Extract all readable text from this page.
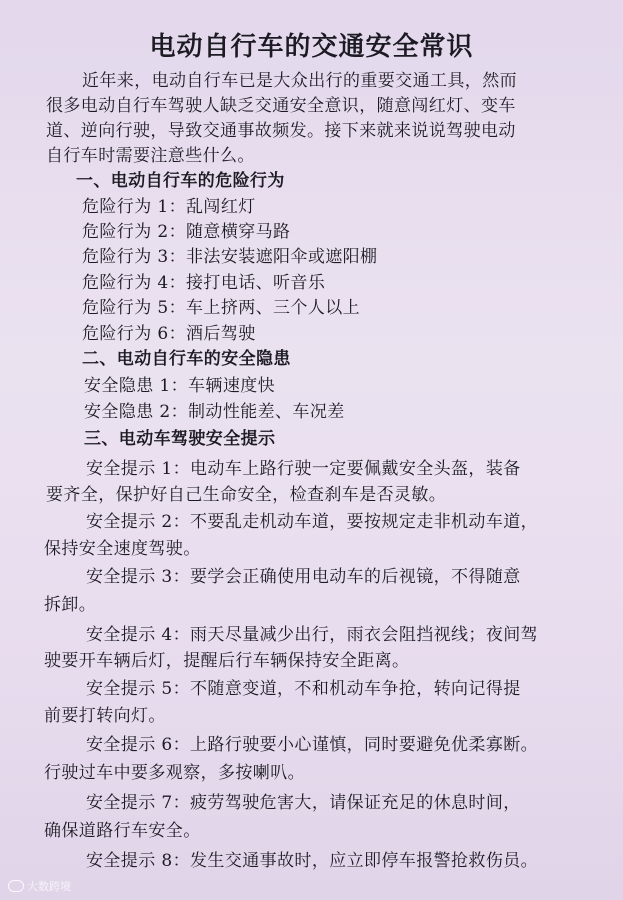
电动自行车的交通安全常识
近年来，电动自行车已是大众出行的重要交通工具，然而
很多电动自行车驾驶人缺乏交通安全意识，随意闯红灯、变车
道、逆向行驶，导致交通事故频发。接下来就来说说驾驶电动
自行车时需要注意些什么。
一、电动自行车的危险行为
危险行为 1：乱闯红灯
危险行为 2：随意横穿马路
危险行为 3：非法安装遮阳伞或遮阳棚
危险行为 4：接打电话、听音乐
危险行为 5：车上挤两、三个人以上
危险行为 6：酒后驾驶
二、电动自行车的安全隐患
安全隐患 1：车辆速度快
安全隐患 2：制动性能差、车况差
三、电动车驾驶安全提示
安全提示 1：电动车上路行驶一定要佩戴安全头盔，装备
要齐全，保护好自己生命安全，检查刹车是否灵敏。
安全提示 2：不要乱走机动车道，要按规定走非机动车道，
保持安全速度驾驶。
安全提示 3：要学会正确使用电动车的后视镜，不得随意
拆卸。
安全提示 4：雨天尽量减少出行，雨衣会阻挡视线；夜间驾
驶要开车辆后灯，提醒后行车辆保持安全距离。
安全提示 5：不随意变道，不和机动车争抢，转向记得提
前要打转向灯。
安全提示 6：上路行驶要小心谨慎，同时要避免优柔寡断。
行驶过车中要多观察，多按喇叭。
安全提示 7：疲劳驾驶危害大，请保证充足的休息时间，
确保道路行车安全。
安全提示 8：发生交通事故时，应立即停车报警抢救伤员。
大数跨境
